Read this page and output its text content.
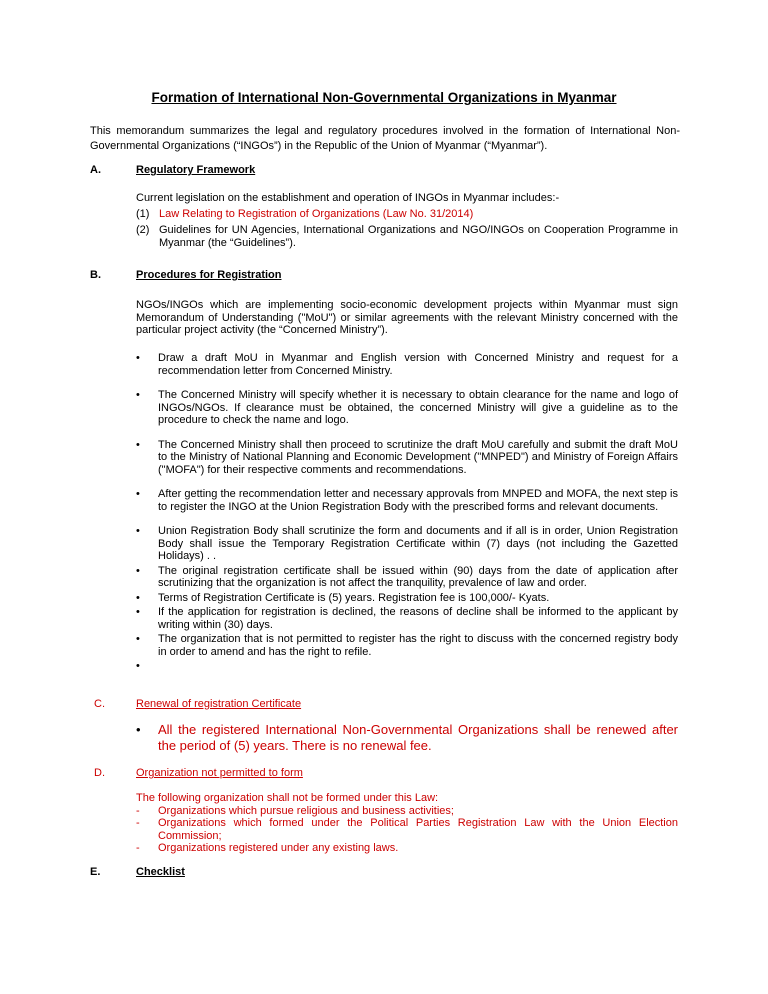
Formation of International Non-Governmental Organizations in Myanmar
This memorandum summarizes the legal and regulatory procedures involved in the formation of International Non-Governmental Organizations (“INGOs”) in the Republic of the Union of Myanmar (“Myanmar”).
A.	Regulatory Framework
Current legislation on the establishment and operation of INGOs in Myanmar includes:-
(1) Law Relating to Registration of Organizations (Law No. 31/2014)
(2) Guidelines for UN Agencies, International Organizations and NGO/INGOs on Cooperation Programme in Myanmar (the “Guidelines”).
B.	Procedures for Registration
NGOs/INGOs which are implementing socio-economic development projects within Myanmar must sign Memorandum of Understanding ("MoU") or similar agreements with the relevant Ministry concerned with the particular project activity (the “Concerned Ministry”).
• Draw a draft MoU in Myanmar and English version with Concerned Ministry and request for a recommendation letter from Concerned Ministry.
• The Concerned Ministry will specify whether it is necessary to obtain clearance for the name and logo of INGOs/NGOs. If clearance must be obtained, the concerned Ministry will give a guideline as to the procedure to check the name and logo.
• The Concerned Ministry shall then proceed to scrutinize the draft MoU carefully and submit the draft MoU to the Ministry of National Planning and Economic Development ("MNPED") and Ministry of Foreign Affairs ("MOFA") for their respective comments and recommendations.
• After getting the recommendation letter and necessary approvals from MNPED and MOFA, the next step is to register the INGO at the Union Registration Body with the prescribed forms and relevant documents.
• Union Registration Body shall scrutinize the form and documents and if all is in order, Union Registration Body shall issue the Temporary Registration Certificate within (7) days (not including the Gazetted Holidays) . .
• The original registration certificate shall be issued within (90) days from the date of application after scrutinizing that the organization is not affect the tranquility, prevalence of law and order.
• Terms of Registration Certificate is (5) years. Registration fee is 100,000/- Kyats.
• If the application for registration is declined, the reasons of decline shall be informed to the applicant by writing within (30) days.
• The organization that is not permitted to register has the right to discuss with the concerned registry body in order to amend and has the right to refile.
•
C.	Renewal of registration Certificate
• All the registered International Non-Governmental Organizations shall be renewed after the period of (5) years. There is no renewal fee.
D.	Organization not permitted to form
The following organization shall not be formed under this Law:
- Organizations which pursue religious and business activities;
- Organizations which formed under the Political Parties Registration Law with the Union Election Commission;
- Organizations registered under any existing laws.
E.	Checklist
